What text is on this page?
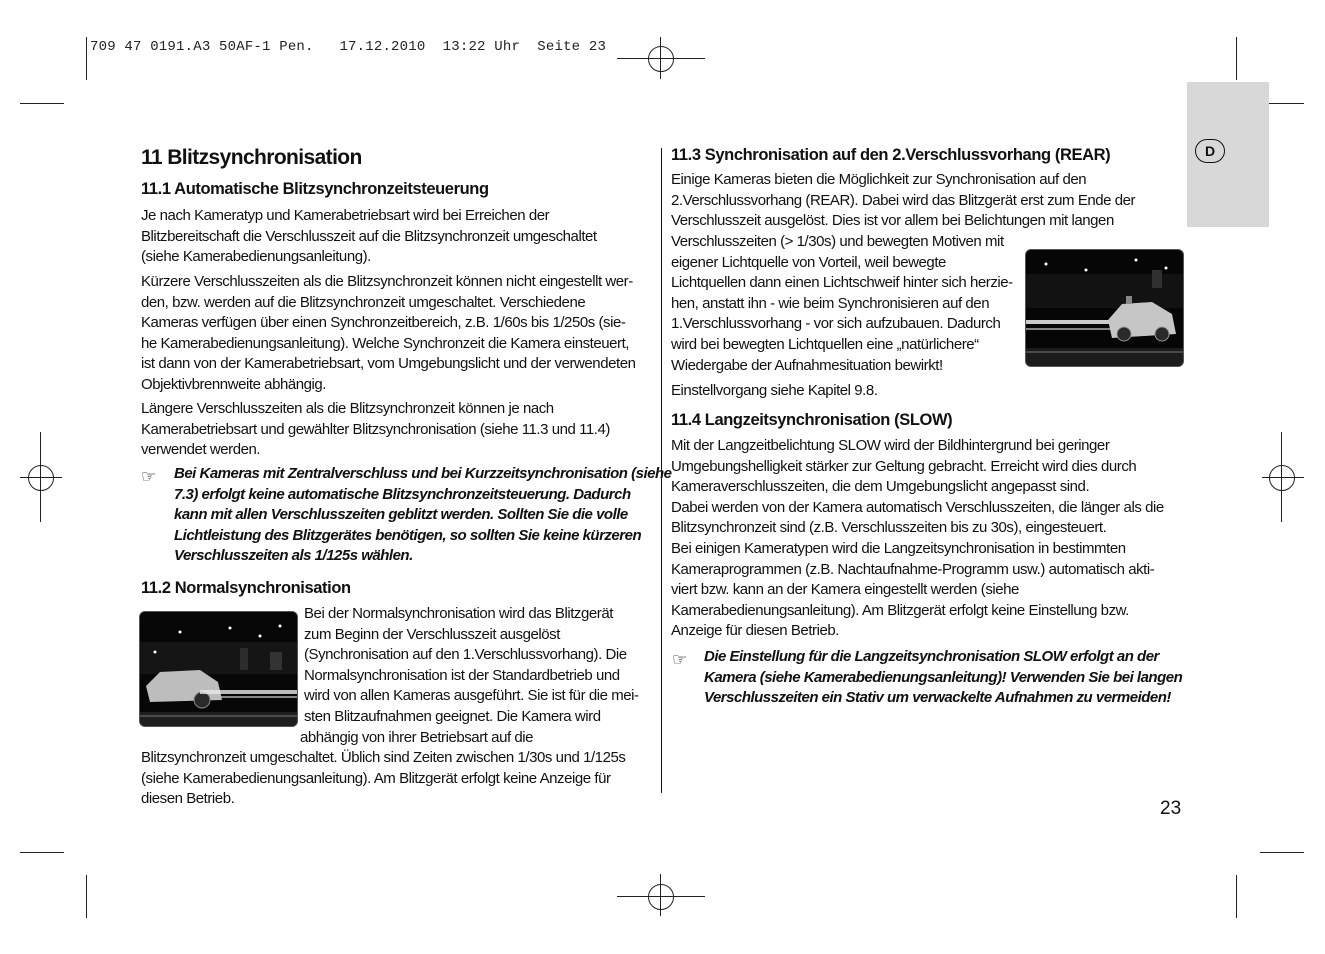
709 47 0191.A3 50AF-1 Pen.   17.12.2010  13:22 Uhr  Seite 23
D
11 Blitzsynchronisation
11.1 Automatische Blitzsynchronzeitsteuerung
Je nach Kameratyp und Kamerabetriebsart wird bei Erreichen der
Blitzbereitschaft die Verschlusszeit auf die Blitzsynchronzeit umgeschaltet
(siehe Kamerabedienungsanleitung).
Kürzere Verschlusszeiten als die Blitzsynchronzeit können nicht eingestellt wer-
den, bzw. werden auf die Blitzsynchronzeit umgeschaltet. Verschiedene
Kameras verfügen über einen Synchronzeitbereich, z.B. 1/60s bis 1/250s (sie-
he Kamerabedienungsanleitung). Welche Synchronzeit die Kamera einsteuert,
ist dann von der Kamerabetriebsart, vom Umgebungslicht und der verwendeten
Objektivbrennweite abhängig.
Längere Verschlusszeiten als die Blitzsynchronzeit können je nach
Kamerabetriebsart und gewählter Blitzsynchronisation (siehe 11.3 und 11.4)
verwendet werden.
☞ Bei Kameras mit Zentralverschluss und bei Kurzzeitsynchronisation (siehe
7.3) erfolgt keine automatische Blitzsynchronzeitsteuerung. Dadurch
kann mit allen Verschlusszeiten geblitzt werden. Sollten Sie die volle
Lichtleistung des Blitzgerätes benötigen, so sollten Sie keine kürzeren
Verschlusszeiten als 1/125s wählen.
11.2 Normalsynchronisation
Bei der Normalsynchronisation wird das Blitzgerät
zum Beginn der Verschlusszeit ausgelöst
(Synchronisation auf den 1.Verschlussvorhang). Die
Normalsynchronisation ist der Standardbetrieb und
wird von allen Kameras ausgeführt. Sie ist für die mei-
sten Blitzaufnahmen geeignet. Die Kamera wird
abhängig von ihrer Betriebsart auf die
Blitzsynchronzeit umgeschaltet. Üblich sind Zeiten zwischen 1/30s und 1/125s
(siehe Kamerabedienungsanleitung). Am Blitzgerät erfolgt keine Anzeige für
diesen Betrieb.
11.3 Synchronisation auf den 2.Verschlussvorhang (REAR)
Einige Kameras bieten die Möglichkeit zur Synchronisation auf den
2.Verschlussvorhang (REAR). Dabei wird das Blitzgerät erst zum Ende der
Verschlusszeit ausgelöst. Dies ist vor allem bei Belichtungen mit langen
Verschlusszeiten (> 1/30s) und bewegten Motiven mit
eigener Lichtquelle von Vorteil, weil bewegte
Lichtquellen dann einen Lichtschweif hinter sich herzie-
hen, anstatt ihn - wie beim Synchronisieren auf den
1.Verschlussvorhang - vor sich aufzubauen. Dadurch
wird bei bewegten Lichtquellen eine „natürlichere“
Wiedergabe der Aufnahmesituation bewirkt!
Einstellvorgang siehe Kapitel 9.8.
11.4 Langzeitsynchronisation (SLOW)
Mit der Langzeitbelichtung SLOW wird der Bildhintergrund bei geringer
Umgebungshelligkeit stärker zur Geltung gebracht. Erreicht wird dies durch
Kameraverschlusszeiten, die dem Umgebungslicht angepasst sind.
Dabei werden von der Kamera automatisch Verschlusszeiten, die länger als die
Blitzsynchronzeit sind (z.B. Verschlusszeiten bis zu 30s), eingesteuert.
Bei einigen Kameratypen wird die Langzeitsynchronisation in bestimmten
Kameraprogrammen (z.B. Nachtaufnahme-Programm usw.) automatisch akti-
viert bzw. kann an der Kamera eingestellt werden (siehe
Kamerabedienungsanleitung). Am Blitzgerät erfolgt keine Einstellung bzw.
Anzeige für diesen Betrieb.
☞ Die Einstellung für die Langzeitsynchronisation SLOW erfolgt an der
Kamera (siehe Kamerabedienungsanleitung)! Verwenden Sie bei langen
Verschlusszeiten ein Stativ um verwackelte Aufnahmen zu vermeiden!
23
